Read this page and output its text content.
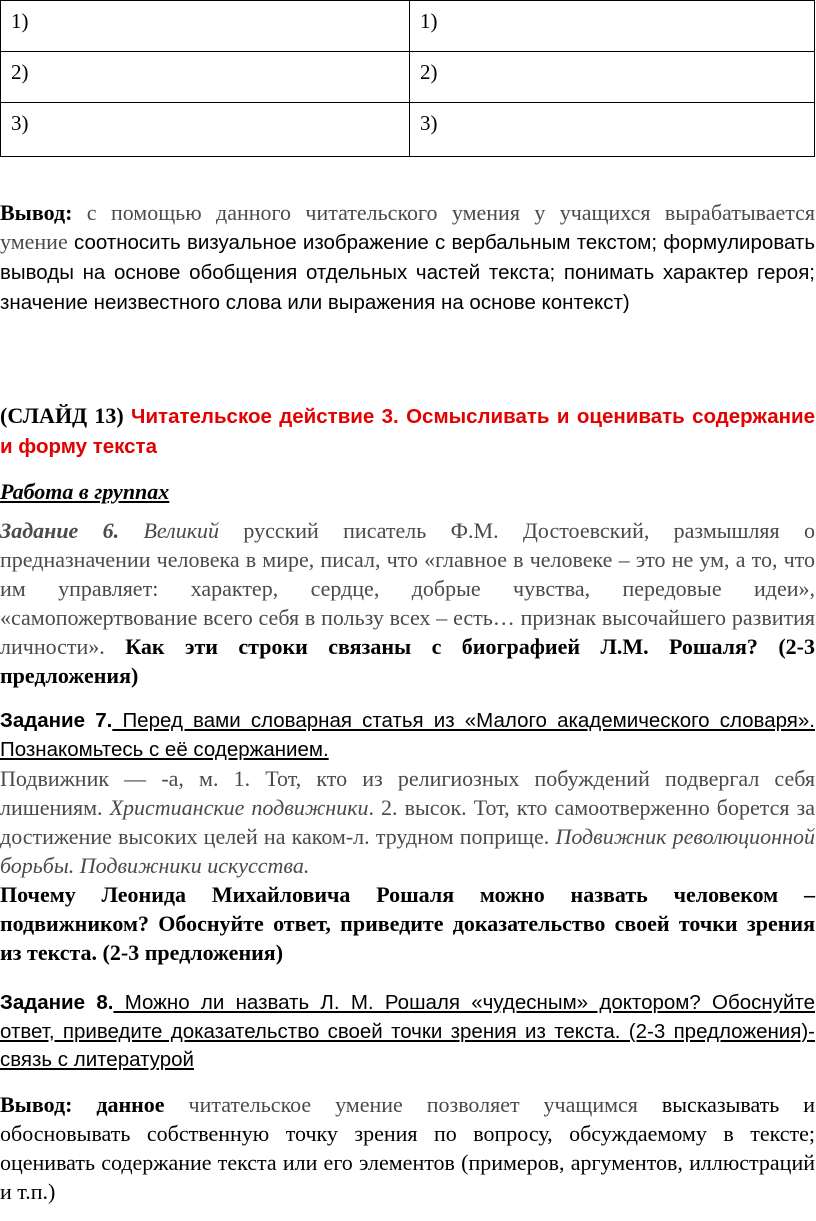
1)	1)
2)	2)
3)	3)

Вывод: с помощью данного читательского умения у учащихся вырабатывается умение соотносить визуальное изображение с вербальным текстом; формулировать выводы на основе обобщения отдельных частей текста; понимать характер героя; значение неизвестного слова или выражения на основе контекст)

(СЛАЙД 13) Читательское действие 3. Осмысливать и оценивать содержание и форму текста

Работа в группах

Задание 6. Великий русский писатель Ф.М. Достоевский, размышляя о предназначении человека в мире, писал, что «главное в человеке – это не ум, а то, что им управляет: характер, сердце, добрые чувства, передовые идеи», «самопожертвование всего себя в пользу всех – есть… признак высочайшего развития личности». Как эти строки связаны с биографией Л.М. Рошаля? (2-3 предложения)

Задание 7. Перед вами словарная статья из «Малого академического словаря». Познакомьтесь с её содержанием.

Подвижник — -а, м. 1. Тот, кто из религиозных побуждений подвергал себя лишениям. Христианские подвижники. 2. высок. Тот, кто самоотверженно борется за достижение высоких целей на каком-л. трудном поприще. Подвижник революционной борьбы. Подвижники искусства.

Почему Леонида Михайловича Рошаля можно назвать человеком – подвижником? Обоснуйте ответ, приведите доказательство своей точки зрения из текста. (2-3 предложения)

Задание 8. Можно ли назвать Л. М. Рошаля «чудесным» доктором? Обоснуйте ответ, приведите доказательство своей точки зрения из текста. (2-3 предложения)-связь с литературой

Вывод: данное читательское умение позволяет учащимся высказывать и обосновывать собственную точку зрения по вопросу, обсуждаемому в тексте; оценивать содержание текста или его элементов (примеров, аргументов, иллюстраций и т.п.)
